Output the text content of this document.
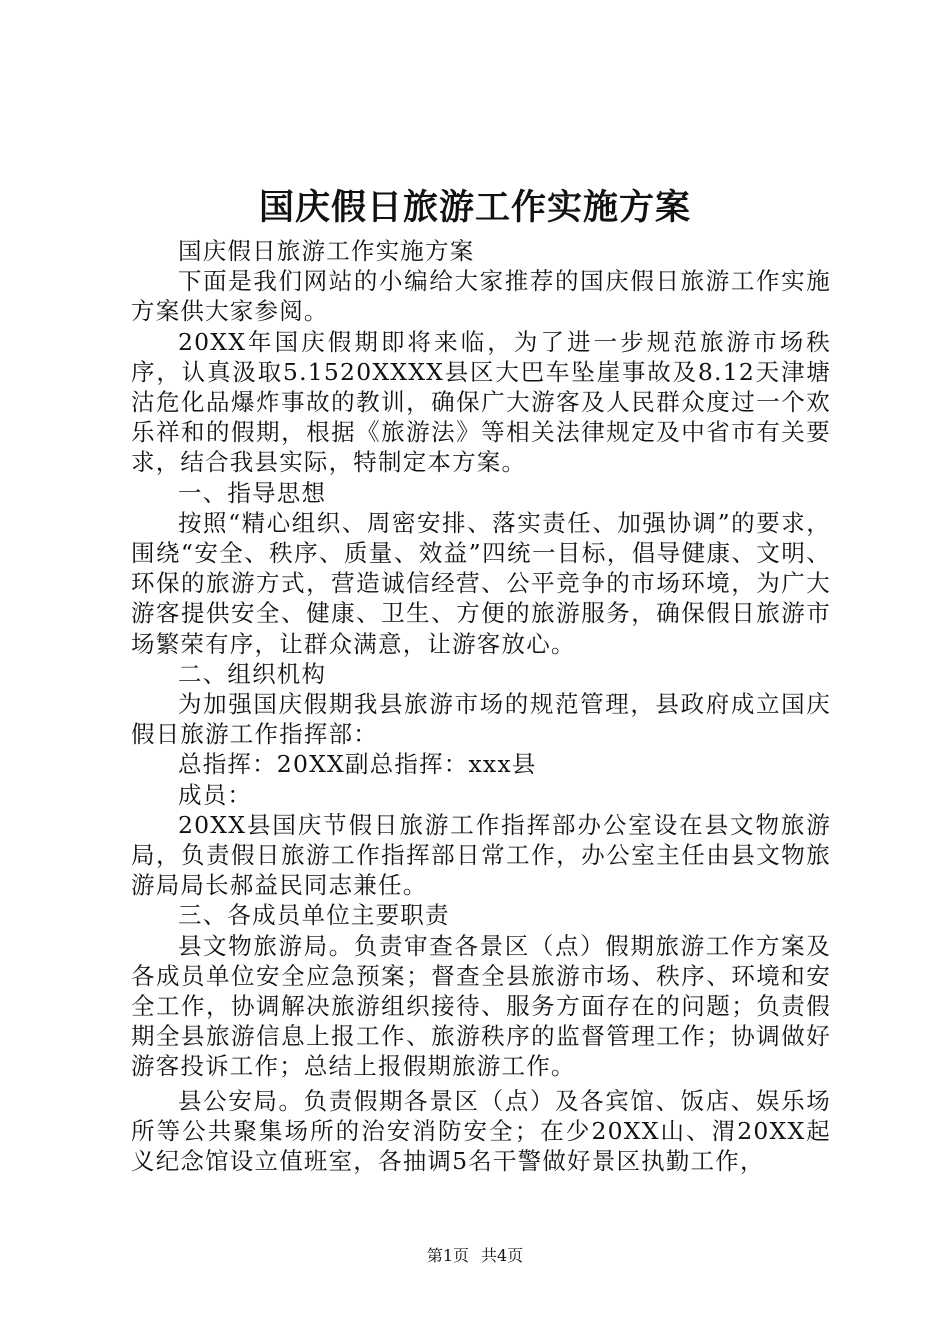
国庆假日旅游工作实施方案

国庆假日旅游工作实施方案

下面是我们网站的小编给大家推荐的国庆假日旅游工作实施方案供大家参阅。

20XX年国庆假期即将来临，为了进一步规范旅游市场秩序，认真汲取5.1520XXXX县区大巴车坠崖事故及8.12天津塘沽危化品爆炸事故的教训，确保广大游客及人民群众度过一个欢乐祥和的假期，根据《旅游法》等相关法律规定及中省市有关要求，结合我县实际，特制定本方案。

一、指导思想

按照“精心组织、周密安排、落实责任、加强协调”的要求，围绕“安全、秩序、质量、效益”四统一目标，倡导健康、文明、环保的旅游方式，营造诚信经营、公平竞争的市场环境，为广大游客提供安全、健康、卫生、方便的旅游服务，确保假日旅游市场繁荣有序，让群众满意，让游客放心。

二、组织机构

为加强国庆假期我县旅游市场的规范管理，县政府成立国庆假日旅游工作指挥部：

总指挥：20XX副总指挥：xxx县

成员：

20XX县国庆节假日旅游工作指挥部办公室设在县文物旅游局，负责假日旅游工作指挥部日常工作，办公室主任由县文物旅游局局长郝益民同志兼任。

三、各成员单位主要职责

县文物旅游局。负责审查各景区（点）假期旅游工作方案及各成员单位安全应急预案；督查全县旅游市场、秩序、环境和安全工作，协调解决旅游组织接待、服务方面存在的问题；负责假期全县旅游信息上报工作、旅游秩序的监督管理工作；协调做好游客投诉工作；总结上报假期旅游工作。

县公安局。负责假期各景区（点）及各宾馆、饭店、娱乐场所等公共聚集场所的治安消防安全；在少20XX山、渭20XX起义纪念馆设立值班室，各抽调5名干警做好景区执勤工作，

第1页 共4页
